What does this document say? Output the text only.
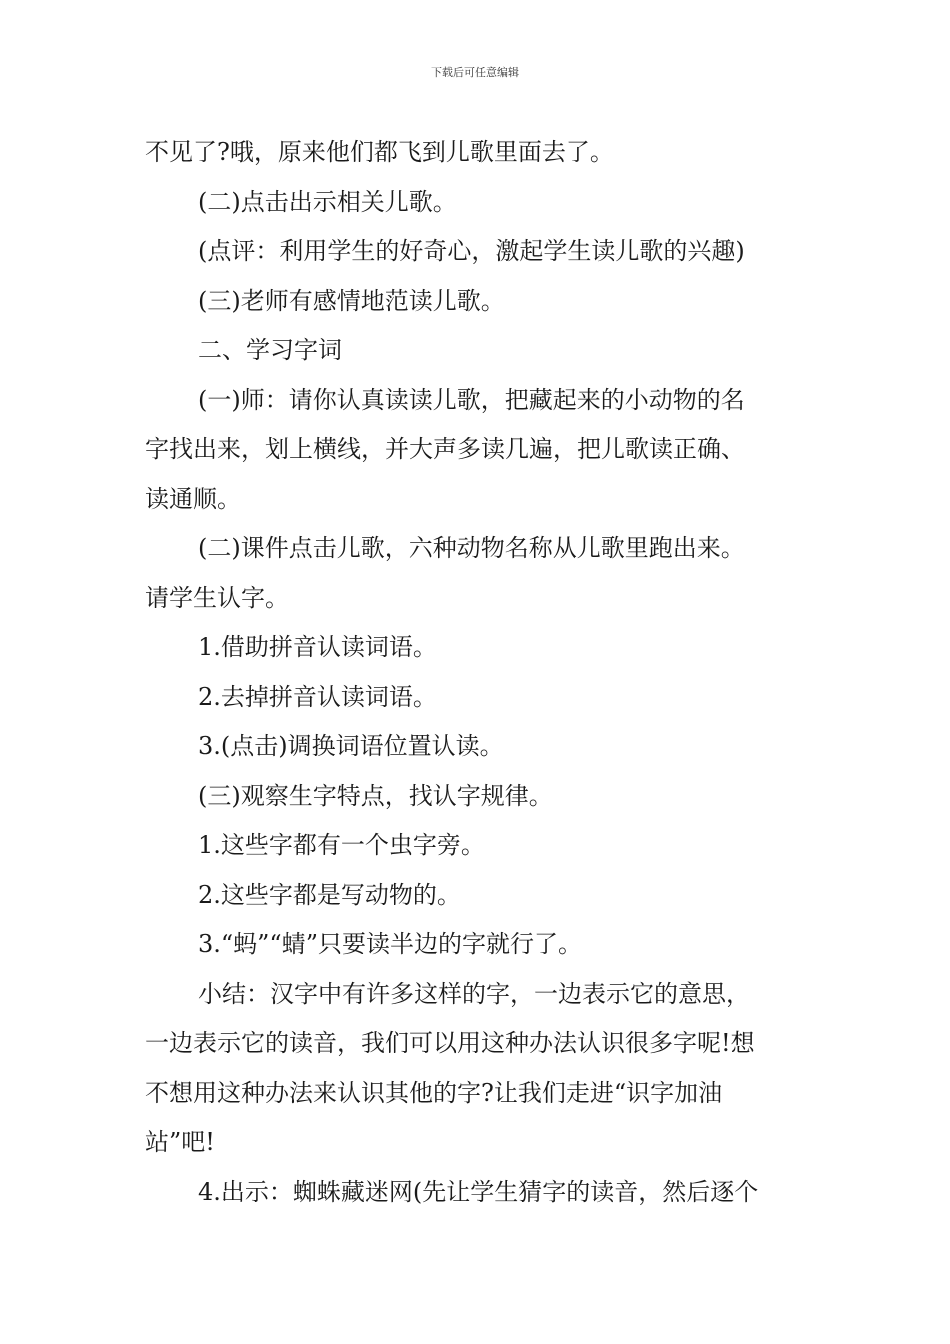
下载后可任意编辑
不见了?哦，原来他们都飞到儿歌里面去了。
(二)点击出示相关儿歌。
(点评：利用学生的好奇心，激起学生读儿歌的兴趣)
(三)老师有感情地范读儿歌。
二、学习字词
(一)师：请你认真读读儿歌，把藏起来的小动物的名
字找出来，划上横线，并大声多读几遍，把儿歌读正确、
读通顺。
(二)课件点击儿歌，六种动物名称从儿歌里跑出来。
请学生认字。
1.借助拼音认读词语。
2.去掉拼音认读词语。
3.(点击)调换词语位置认读。
(三)观察生字特点，找认字规律。
1.这些字都有一个虫字旁。
2.这些字都是写动物的。
3.“蚂”“蜻”只要读半边的字就行了。
小结：汉字中有许多这样的字，一边表示它的意思，
一边表示它的读音，我们可以用这种办法认识很多字呢!想
不想用这种办法来认识其他的字?让我们走进“识字加油
站”吧!
4.出示：蜘蛛藏迷网(先让学生猜字的读音，然后逐个
